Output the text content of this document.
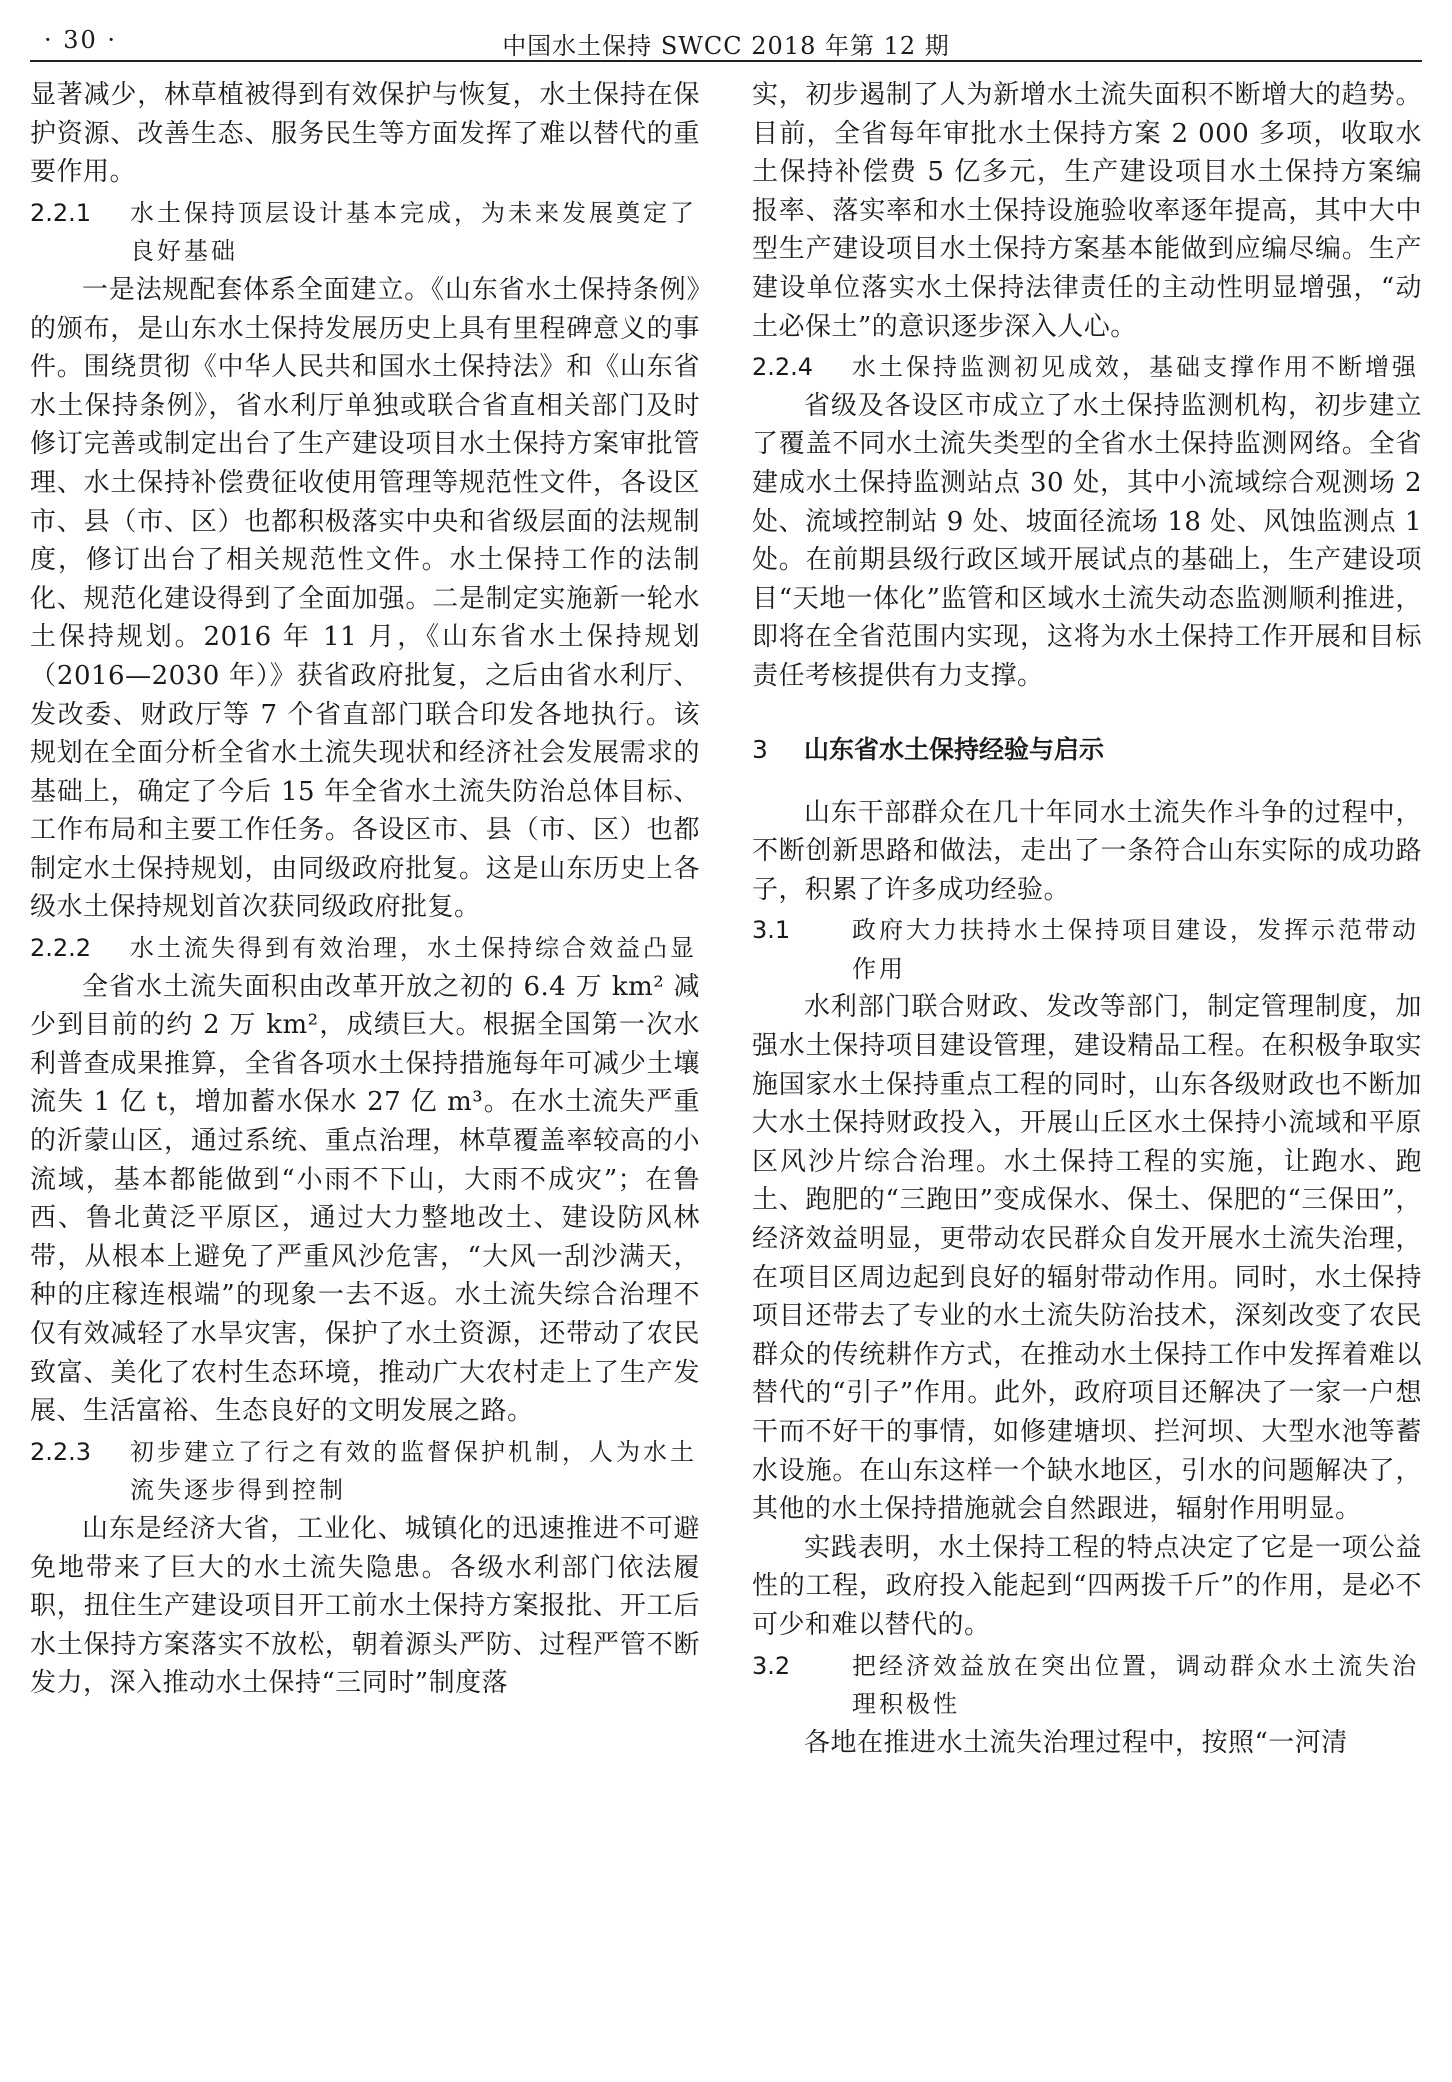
· 30 ·	中国水土保持 SWCC 2018 年第 12 期

显著减少，林草植被得到有效保护与恢复，水土保持在保护资源、改善生态、服务民生等方面发挥了难以替代的重要作用。

2.2.1	水土保持顶层设计基本完成，为未来发展奠定了良好基础

一是法规配套体系全面建立。《山东省水土保持条例》的颁布，是山东水土保持发展历史上具有里程碑意义的事件。围绕贯彻《中华人民共和国水土保持法》和《山东省水土保持条例》，省水利厅单独或联合省直相关部门及时修订完善或制定出台了生产建设项目水土保持方案审批管理、水土保持补偿费征收使用管理等规范性文件，各设区市、县（市、区）也都积极落实中央和省级层面的法规制度，修订出台了相关规范性文件。水土保持工作的法制化、规范化建设得到了全面加强。二是制定实施新一轮水土保持规划。2016 年 11 月，《山东省水土保持规划（2016—2030 年）》获省政府批复，之后由省水利厅、发改委、财政厅等 7 个省直部门联合印发各地执行。该规划在全面分析全省水土流失现状和经济社会发展需求的基础上，确定了今后 15 年全省水土流失防治总体目标、工作布局和主要工作任务。各设区市、县（市、区）也都制定水土保持规划，由同级政府批复。这是山东历史上各级水土保持规划首次获同级政府批复。

2.2.2	水土流失得到有效治理，水土保持综合效益凸显

全省水土流失面积由改革开放之初的 6.4 万 km² 减少到目前的约 2 万 km²，成绩巨大。根据全国第一次水利普查成果推算，全省各项水土保持措施每年可减少土壤流失 1 亿 t，增加蓄水保水 27 亿 m³。在水土流失严重的沂蒙山区，通过系统、重点治理，林草覆盖率较高的小流域，基本都能做到“小雨不下山，大雨不成灾”；在鲁西、鲁北黄泛平原区，通过大力整地改土、建设防风林带，从根本上避免了严重风沙危害，“大风一刮沙满天，种的庄稼连根端”的现象一去不返。水土流失综合治理不仅有效减轻了水旱灾害，保护了水土资源，还带动了农民致富、美化了农村生态环境，推动广大农村走上了生产发展、生活富裕、生态良好的文明发展之路。

2.2.3	初步建立了行之有效的监督保护机制，人为水土流失逐步得到控制

山东是经济大省，工业化、城镇化的迅速推进不可避免地带来了巨大的水土流失隐患。各级水利部门依法履职，扭住生产建设项目开工前水土保持方案报批、开工后水土保持方案落实不放松，朝着源头严防、过程严管不断发力，深入推动水土保持“三同时”制度落

实，初步遏制了人为新增水土流失面积不断增大的趋势。目前，全省每年审批水土保持方案 2 000 多项，收取水土保持补偿费 5 亿多元，生产建设项目水土保持方案编报率、落实率和水土保持设施验收率逐年提高，其中大中型生产建设项目水土保持方案基本能做到应编尽编。生产建设单位落实水土保持法律责任的主动性明显增强，“动土必保土”的意识逐步深入人心。

2.2.4	水土保持监测初见成效，基础支撑作用不断增强

省级及各设区市成立了水土保持监测机构，初步建立了覆盖不同水土流失类型的全省水土保持监测网络。全省建成水土保持监测站点 30 处，其中小流域综合观测场 2 处、流域控制站 9 处、坡面径流场 18 处、风蚀监测点 1 处。在前期县级行政区域开展试点的基础上，生产建设项目“天地一体化”监管和区域水土流失动态监测顺利推进，即将在全省范围内实现，这将为水土保持工作开展和目标责任考核提供有力支撑。

3	山东省水土保持经验与启示

山东干部群众在几十年同水土流失作斗争的过程中，不断创新思路和做法，走出了一条符合山东实际的成功路子，积累了许多成功经验。

3.1	政府大力扶持水土保持项目建设，发挥示范带动作用

水利部门联合财政、发改等部门，制定管理制度，加强水土保持项目建设管理，建设精品工程。在积极争取实施国家水土保持重点工程的同时，山东各级财政也不断加大水土保持财政投入，开展山丘区水土保持小流域和平原区风沙片综合治理。水土保持工程的实施，让跑水、跑土、跑肥的“三跑田”变成保水、保土、保肥的“三保田”，经济效益明显，更带动农民群众自发开展水土流失治理，在项目区周边起到良好的辐射带动作用。同时，水土保持项目还带去了专业的水土流失防治技术，深刻改变了农民群众的传统耕作方式，在推动水土保持工作中发挥着难以替代的“引子”作用。此外，政府项目还解决了一家一户想干而不好干的事情，如修建塘坝、拦河坝、大型水池等蓄水设施。在山东这样一个缺水地区，引水的问题解决了，其他的水土保持措施就会自然跟进，辐射作用明显。

实践表明，水土保持工程的特点决定了它是一项公益性的工程，政府投入能起到“四两拨千斤”的作用，是必不可少和难以替代的。

3.2	把经济效益放在突出位置，调动群众水土流失治理积极性

各地在推进水土流失治理过程中，按照“一河清
